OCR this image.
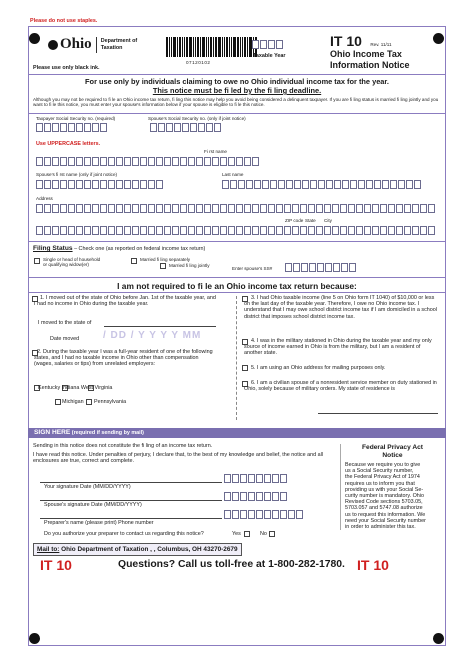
Please do not use staples.
Ohio Department of
Taxation
Please use only black ink.
07120102
Taxable Year
IT 10 Rev. 11/11
Ohio Income Tax
Information Notice
For use only by individuals claiming to owe no Ohio individual income tax for the year.
This notice must be fi led by the fi ling deadline.
Although you may not be required to fi le an Ohio income tax return, fi ling this notice may help you avoid being considered a delinquent taxpayer. If you are fi ling status is married fi ling jointly and you want to fi le this notice, you must enter your spouse's information below if your spouse is eligible to fi le this notice.
Taxpayer Social Security no. (required)	Spouse's Social Security no. (only if joint notice)
Use UPPERCASE letters.
Fi rst name
Spouse's fi rst name (only if joint notice)	Last name
Address
ZIP code State City
Filing Status – Check one (as reported on federal income tax return)
Single or head of household
or qualifying widow(er)
Married fi ling separately
Married fi ling jointly
Enter spouse's SS#
I am not required to fi le an Ohio income tax return because:
1. I moved out of the state of Ohio before Jan. 1st of the taxable year, and I had no income in Ohio during the taxable year.
I moved to the state of
Date moved / DD / Y Y Y Y MM
2. During the taxable year I was a full-year resident of one of the following states, and I had no taxable income in Ohio other than compensation (wages, salaries or tips) from unrelated employers:
Kentucky Indiana West Virginia
Michigan Pennsylvania
3. I had Ohio taxable income (line 5 on Ohio form IT 1040) of $10,000 or less on the last day of the taxable year. Therefore, I owe no Ohio income tax. I understand that I may owe school district income tax if I am domiciled in a school district that imposes school district income tax.
4. I was in the military stationed in Ohio during the taxable year and my only source of income earned in Ohio is from the military, but I am a resident of another state.
5. I am using an Ohio address for mailing purposes only.
6. I am a civilian spouse of a nonresident service member on duty stationed in Ohio, solely because of military orders. My state of residence is
SIGN HERE (required if sending by mail)
Sending in this notice does not constitute the fi ling of an income tax return.
I have read this notice. Under penalties of perjury, I declare that, to the best of my knowledge and belief, the notice and all enclosures are true, correct and complete.
Your signature Date (MM/DD/YYYY)
Spouse's signature Date (MM/DD/YYYY)
Preparer's name (please print) Phone number
Do you authorize your preparer to contact us regarding this notice?	Yes	No
Federal Privacy Act
Notice
Because we require you to give
us a Social Security number,
the Federal Privacy Act of 1974
requires us to inform you that
providing us with your Social Se-
curity number is mandatory. Ohio
Revised Code sections 5703.05,
5703.057 and 5747.08 authorize
us to request this information. We
need your Social Security number
in order to administer this tax.
Mail to: Ohio Department of Taxation , , Columbus, OH 43270-2679
IT 10	Questions? Call us toll-free at 1-800-282-1780. IT 10
